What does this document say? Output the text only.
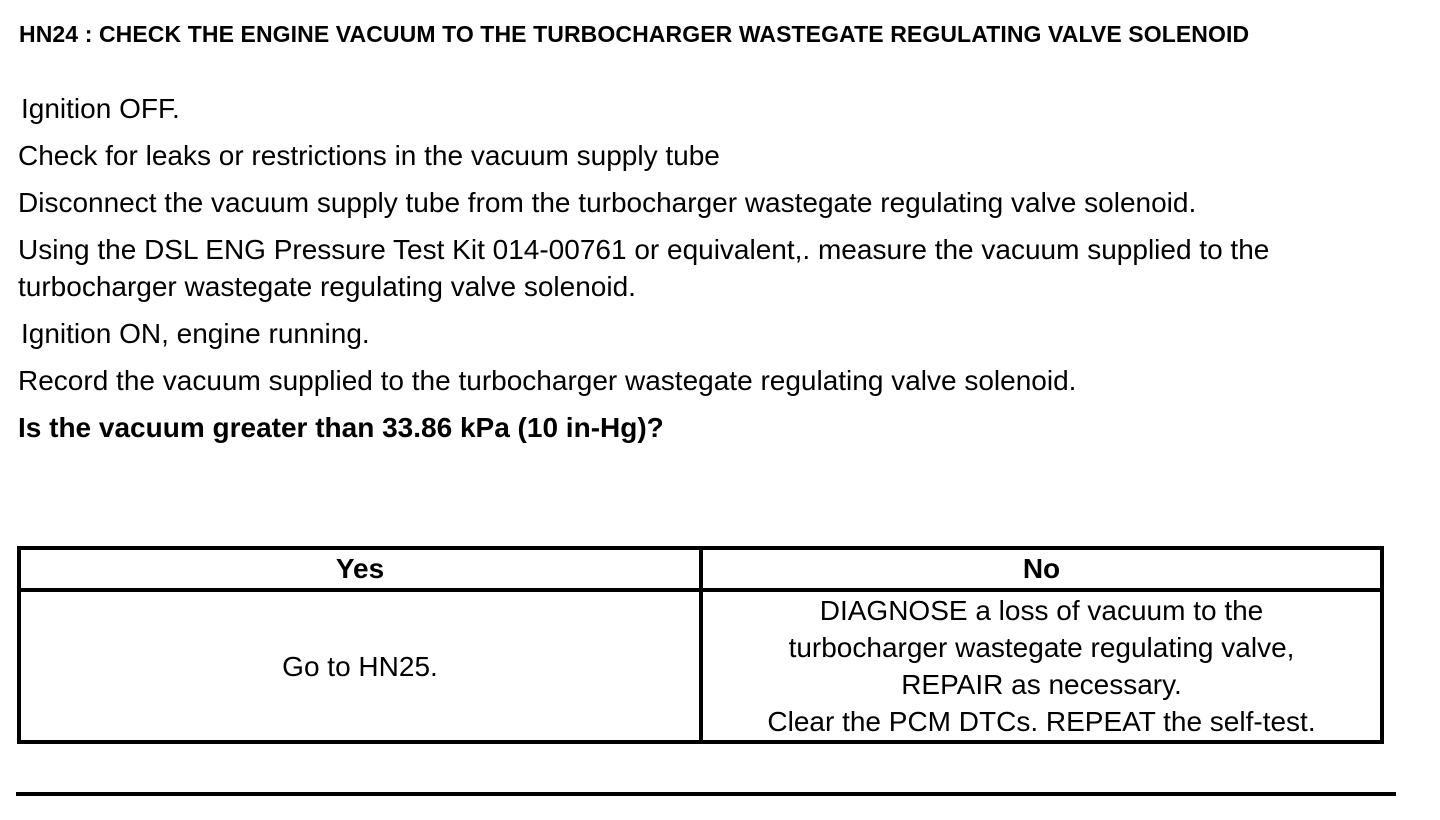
HN24 : CHECK THE ENGINE VACUUM TO THE TURBOCHARGER WASTEGATE REGULATING VALVE SOLENOID

Ignition OFF.

Check for leaks or restrictions in the vacuum supply tube

Disconnect the vacuum supply tube from the turbocharger wastegate regulating valve solenoid.

Using the DSL ENG Pressure Test Kit 014-00761 or equivalent,. measure the vacuum supplied to the turbocharger wastegate regulating valve solenoid.

Ignition ON, engine running.

Record the vacuum supplied to the turbocharger wastegate regulating valve solenoid.

Is the vacuum greater than 33.86 kPa (10 in-Hg)?

Yes	No
Go to HN25.	DIAGNOSE a loss of vacuum to the
turbocharger wastegate regulating valve,
REPAIR as necessary.
Clear the PCM DTCs. REPEAT the self-test.
